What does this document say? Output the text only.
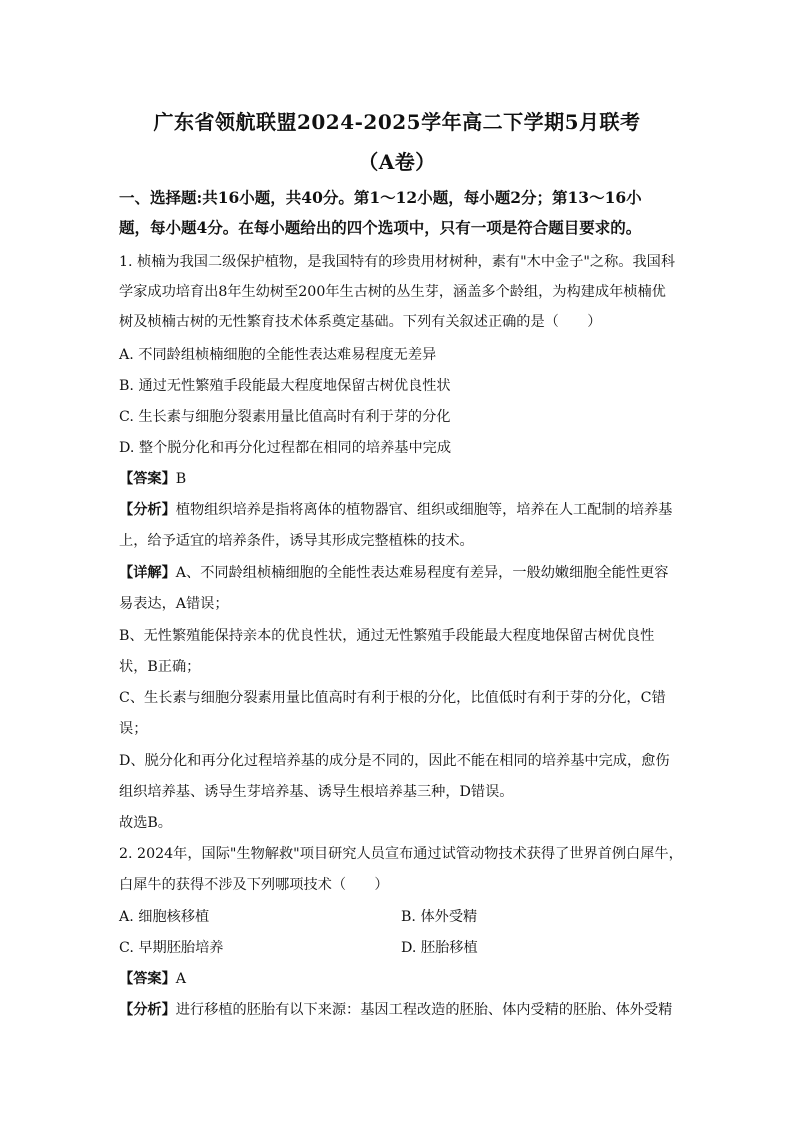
广东省领航联盟2024-2025学年高二下学期5月联考
（A卷）
一、选择题:共16小题，共40分。第1～12小题，每小题2分；第13～16小
题，每小题4分。在每小题给出的四个选项中，只有一项是符合题目要求的。
1. 桢楠为我国二级保护植物，是我国特有的珍贵用材树种，素有"木中金子"之称。我国科
学家成功培育出8年生幼树至200年生古树的丛生芽，涵盖多个龄组，为构建成年桢楠优
树及桢楠古树的无性繁育技术体系奠定基础。下列有关叙述正确的是（　　）
A. 不同龄组桢楠细胞的全能性表达难易程度无差异
B. 通过无性繁殖手段能最大程度地保留古树优良性状
C. 生长素与细胞分裂素用量比值高时有利于芽的分化
D. 整个脱分化和再分化过程都在相同的培养基中完成
【答案】B
【分析】植物组织培养是指将离体的植物器官、组织或细胞等，培养在人工配制的培养基
上，给予适宜的培养条件，诱导其形成完整植株的技术。
【详解】A、不同龄组桢楠细胞的全能性表达难易程度有差异，一般幼嫩细胞全能性更容
易表达，A错误；
B、无性繁殖能保持亲本的优良性状，通过无性繁殖手段能最大程度地保留古树优良性
状，B正确；
C、生长素与细胞分裂素用量比值高时有利于根的分化，比值低时有利于芽的分化，C错
误；
D、脱分化和再分化过程培养基的成分是不同的，因此不能在相同的培养基中完成，愈伤
组织培养基、诱导生芽培养基、诱导生根培养基三种，D错误。
故选B。
2. 2024年，国际"生物解救"项目研究人员宣布通过试管动物技术获得了世界首例白犀牛，
白犀牛的获得不涉及下列哪项技术（　　）
A. 细胞核移植	B. 体外受精
C. 早期胚胎培养	D. 胚胎移植
【答案】A
【分析】进行移植的胚胎有以下来源：基因工程改造的胚胎、体内受精的胚胎、体外受精
